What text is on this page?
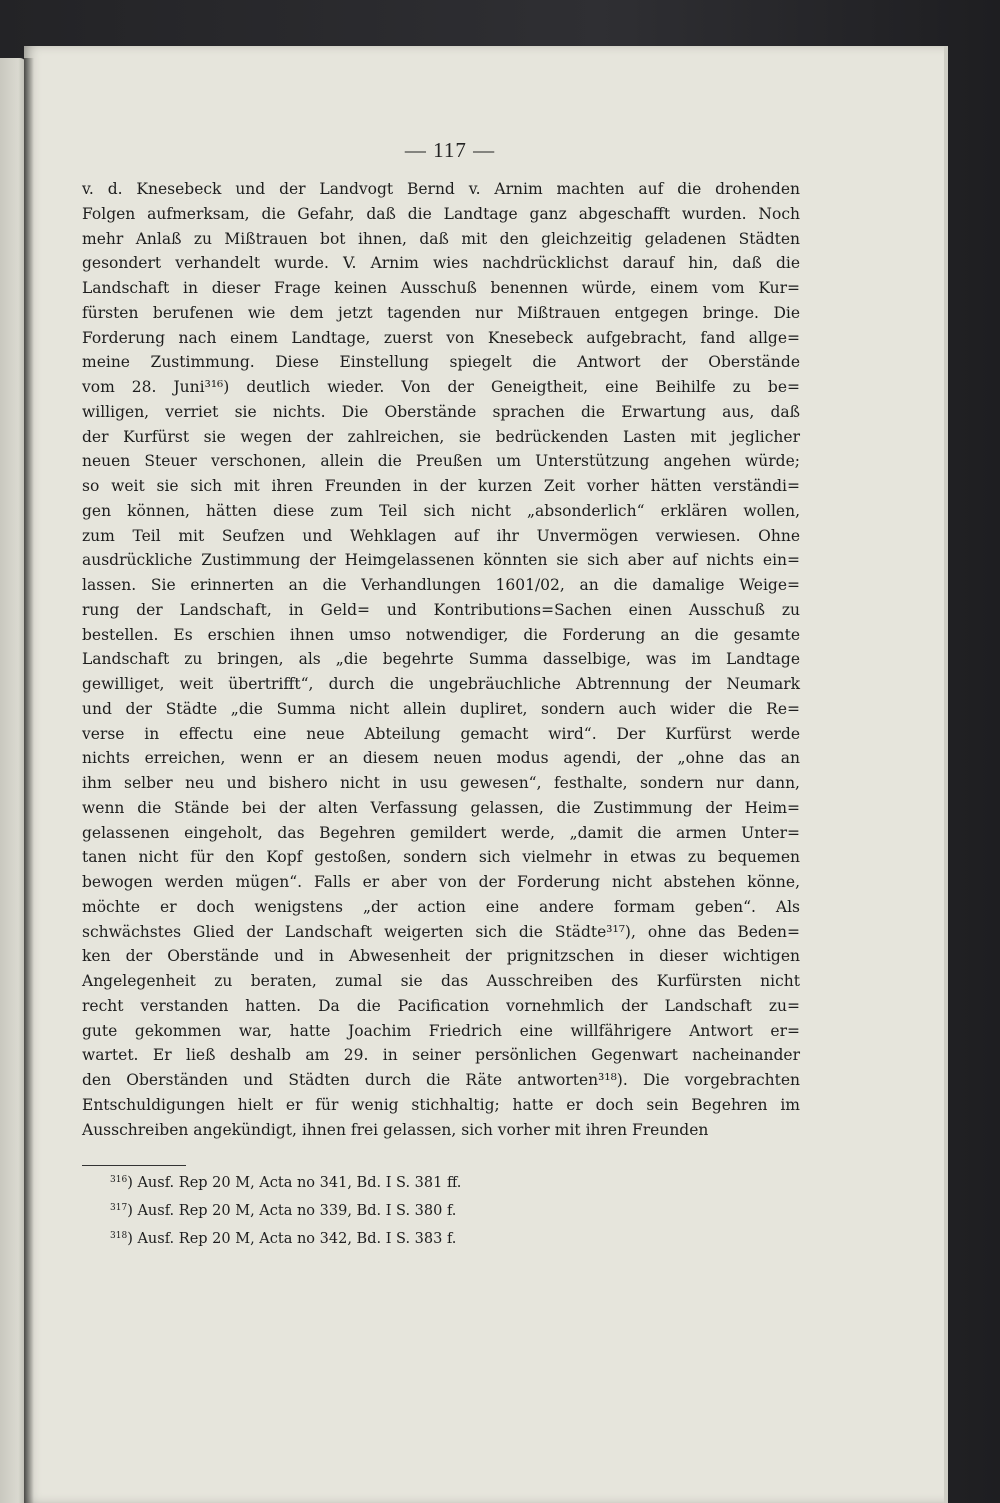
— 117 —
v. d. Knesebeck und der Landvogt Bernd v. Arnim machten auf die drohenden
Folgen aufmerksam, die Gefahr, daß die Landtage ganz abgeschafft wurden. Noch
mehr Anlaß zu Mißtrauen bot ihnen, daß mit den gleichzeitig geladenen Städten
gesondert verhandelt wurde. V. Arnim wies nachdrücklichst darauf hin, daß die
Landschaft in dieser Frage keinen Ausschuß benennen würde, einem vom Kur=
fürsten berufenen wie dem jetzt tagenden nur Mißtrauen entgegen bringe. Die
Forderung nach einem Landtage, zuerst von Knesebeck aufgebracht, fand allge=
meine Zustimmung. Diese Einstellung spiegelt die Antwort der Oberstände
vom 28. Juni³¹⁶) deutlich wieder. Von der Geneigtheit, eine Beihilfe zu be=
willigen, verriet sie nichts. Die Oberstände sprachen die Erwartung aus, daß
der Kurfürst sie wegen der zahlreichen, sie bedrückenden Lasten mit jeglicher
neuen Steuer verschonen, allein die Preußen um Unterstützung angehen würde;
so weit sie sich mit ihren Freunden in der kurzen Zeit vorher hätten verständi=
gen können, hätten diese zum Teil sich nicht „absonderlich“ erklären wollen,
zum Teil mit Seufzen und Wehklagen auf ihr Unvermögen verwiesen. Ohne
ausdrückliche Zustimmung der Heimgelassenen könnten sie sich aber auf nichts ein=
lassen. Sie erinnerten an die Verhandlungen 1601/02, an die damalige Weige=
rung der Landschaft, in Geld= und Kontributions=Sachen einen Ausschuß zu
bestellen. Es erschien ihnen umso notwendiger, die Forderung an die gesamte
Landschaft zu bringen, als „die begehrte Summa dasselbige, was im Landtage
gewilliget, weit übertrifft“, durch die ungebräuchliche Abtrennung der Neumark
und der Städte „die Summa nicht allein dupliret, sondern auch wider die Re=
verse in effectu eine neue Abteilung gemacht wird“. Der Kurfürst werde
nichts erreichen, wenn er an diesem neuen modus agendi, der „ohne das an
ihm selber neu und bishero nicht in usu gewesen“, festhalte, sondern nur dann,
wenn die Stände bei der alten Verfassung gelassen, die Zustimmung der Heim=
gelassenen eingeholt, das Begehren gemildert werde, „damit die armen Unter=
tanen nicht für den Kopf gestoßen, sondern sich vielmehr in etwas zu bequemen
bewogen werden mügen“. Falls er aber von der Forderung nicht abstehen könne,
möchte er doch wenigstens „der action eine andere formam geben“. Als
schwächstes Glied der Landschaft weigerten sich die Städte³¹⁷), ohne das Beden=
ken der Oberstände und in Abwesenheit der prignitzschen in dieser wichtigen
Angelegenheit zu beraten, zumal sie das Ausschreiben des Kurfürsten nicht
recht verstanden hatten. Da die Pacification vornehmlich der Landschaft zu=
gute gekommen war, hatte Joachim Friedrich eine willfährigere Antwort er=
wartet. Er ließ deshalb am 29. in seiner persönlichen Gegenwart nacheinander
den Oberständen und Städten durch die Räte antworten³¹⁸). Die vorgebrachten
Entschuldigungen hielt er für wenig stichhaltig; hatte er doch sein Begehren im
Ausschreiben angekündigt, ihnen frei gelassen, sich vorher mit ihren Freunden
$^{316}$) Ausf. Rep 20 M, Acta no 341, Bd. I S. 381 ff.
$^{317}$) Ausf. Rep 20 M, Acta no 339, Bd. I S. 380 f.
$^{318}$) Ausf. Rep 20 M, Acta no 342, Bd. I S. 383 f.
